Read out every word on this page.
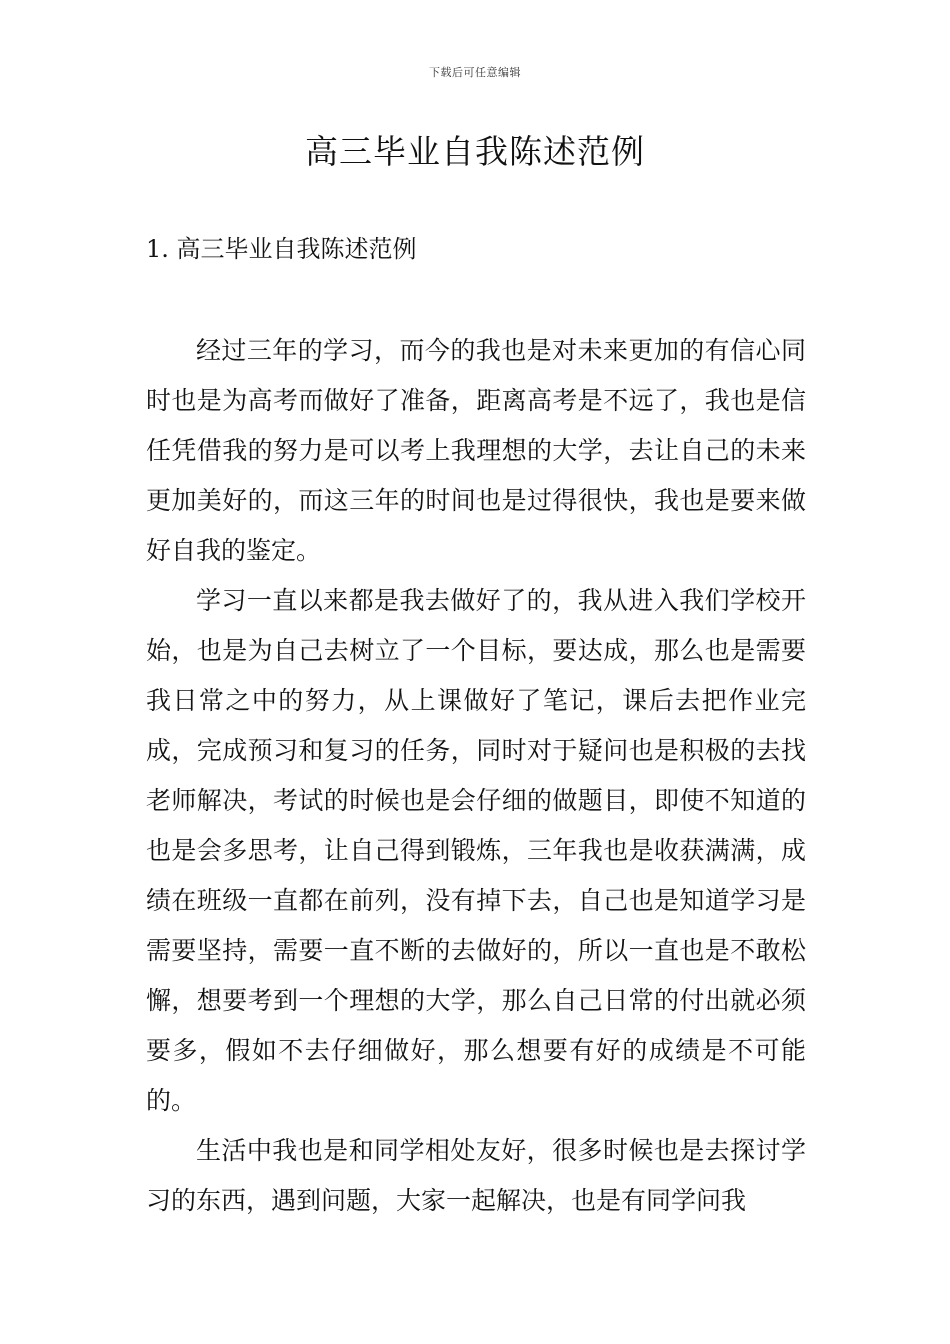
下载后可任意编辑
高三毕业自我陈述范例
1. 高三毕业自我陈述范例

经过三年的学习，而今的我也是对未来更加的有信心同时也是为高考而做好了准备，距离高考是不远了，我也是信任凭借我的努力是可以考上我理想的大学，去让自己的未来更加美好的，而这三年的时间也是过得很快，我也是要来做好自我的鉴定。

学习一直以来都是我去做好了的，我从进入我们学校开始，也是为自己去树立了一个目标，要达成，那么也是需要我日常之中的努力，从上课做好了笔记，课后去把作业完成，完成预习和复习的任务，同时对于疑问也是积极的去找老师解决，考试的时候也是会仔细的做题目，即使不知道的也是会多思考，让自己得到锻炼，三年我也是收获满满，成绩在班级一直都在前列，没有掉下去，自己也是知道学习是需要坚持，需要一直不断的去做好的，所以一直也是不敢松懈，想要考到一个理想的大学，那么自己日常的付出就必须要多，假如不去仔细做好，那么想要有好的成绩是不可能的。

生活中我也是和同学相处友好，很多时候也是去探讨学习的东西，遇到问题，大家一起解决，也是有同学问我
